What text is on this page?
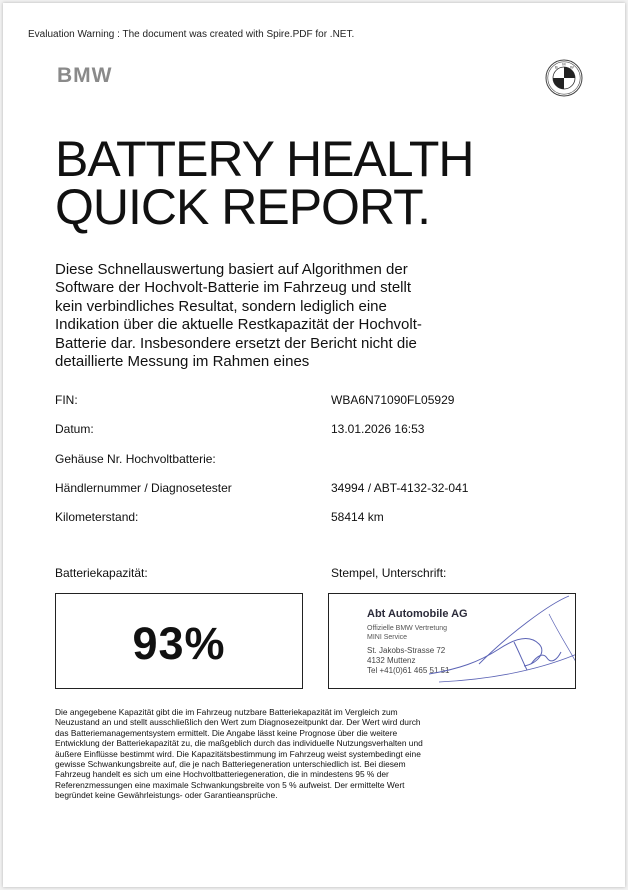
Evaluation Warning : The document was created with Spire.PDF for .NET.
BMW	B
M
W
BATTERY HEALTH
QUICK REPORT.

Diese Schnellauswertung basiert auf Algorithmen der Software der Hochvolt-Batterie im Fahrzeug und stellt kein verbindliches Resultat, sondern lediglich eine Indikation über die aktuelle Restkapazität der Hochvolt-Batterie dar. Insbesondere ersetzt der Bericht nicht die detaillierte Messung im Rahmen eines

FIN:	WBA6N71090FL05929
Datum:	13.01.2026 16:53
Gehäuse Nr. Hochvoltbatterie:
Händlernummer / Diagnosetester	34994 / ABT-4132-32-041
Kilometerstand:	58414 km
Batteriekapazität:	Stempel, Unterschrift:
93%
Abt Automobile AG
Offizielle BMW Vertretung
MINI Service
St. Jakobs-Strasse 72
4132 Muttenz
Tel +41(0)61 465 51 51

Die angegebene Kapazität gibt die im Fahrzeug nutzbare Batteriekapazität im Vergleich zum Neuzustand an und stellt ausschließlich den Wert zum Diagnosezeitpunkt dar. Der Wert wird durch das Batteriemanagementsystem ermittelt. Die Angabe lässt keine Prognose über die weitere Entwicklung der Batteriekapazität zu, die maßgeblich durch das individuelle Nutzungsverhalten und äußere Einflüsse bestimmt wird. Die Kapazitätsbestimmung im Fahrzeug weist systembedingt eine gewisse Schwankungsbreite auf, die je nach Batteriegeneration unterschiedlich ist. Bei diesem Fahrzeug handelt es sich um eine Hochvoltbatteriegeneration, die in mindestens 95 % der Referenzmessungen eine maximale Schwankungsbreite von 5 % aufweist. Der ermittelte Wert begründet keine Gewährleistungs- oder Garantieansprüche.
